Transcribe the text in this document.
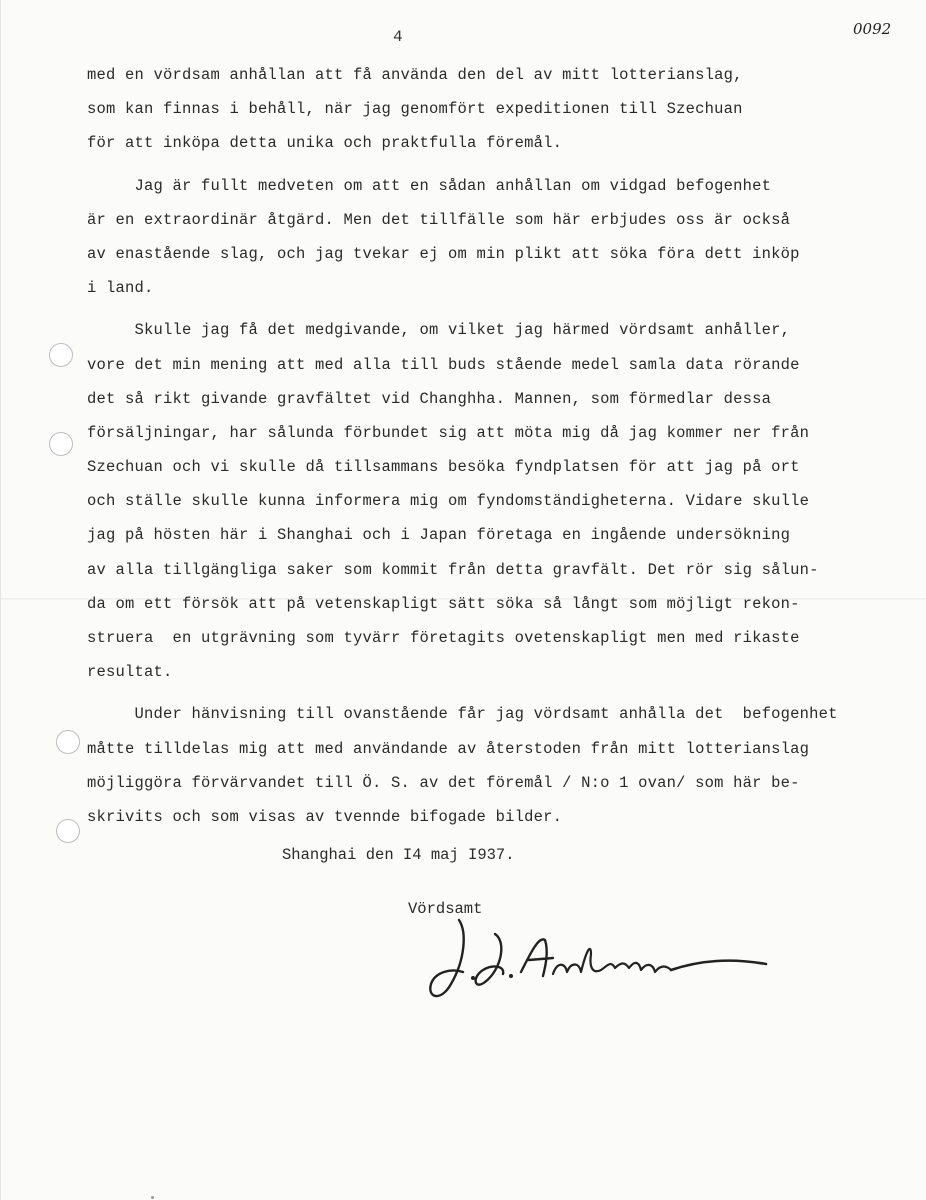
4	0092
med en vördsam anhållan att få använda den del av mitt lotterianslag,
som kan finnas i behåll, när jag genomfört expeditionen till Szechuan
för att inköpa detta unika och praktfulla föremål.
Jag är fullt medveten om att en sådan anhållan om vidgad befogenhet
är en extraordinär åtgärd. Men det tillfälle som här erbjudes oss är också
av enastående slag, och jag tvekar ej om min plikt att söka föra dett inköp
i land.
Skulle jag få det medgivande, om vilket jag härmed vördsamt anhåller,
vore det min mening att med alla till buds stående medel samla data rörande
det så rikt givande gravfältet vid Changhha. Mannen, som förmedlar dessa
försäljningar, har sålunda förbundet sig att möta mig då jag kommer ner från
Szechuan och vi skulle då tillsammans besöka fyndplatsen för att jag på ort
och ställe skulle kunna informera mig om fyndomständigheterna. Vidare skulle
jag på hösten här i Shanghai och i Japan företaga en ingående undersökning
av alla tillgängliga saker som kommit från detta gravfält. Det rör sig sålun-
da om ett försök att på vetenskapligt sätt söka så långt som möjligt rekon-
struera  en utgrävning som tyvärr företagits ovetenskapligt men med rikaste
resultat.
Under hänvisning till ovanstående får jag vördsamt anhålla det  befogenhet
måtte tilldelas mig att med användande av återstoden från mitt lotterianslag
möjliggöra förvärvandet till Ö. S. av det föremål / N:o 1 ovan/ som här be-
skrivits och som visas av tvennde bifogade bilder.
Shanghai den I4 maj I937.
Vördsamt
